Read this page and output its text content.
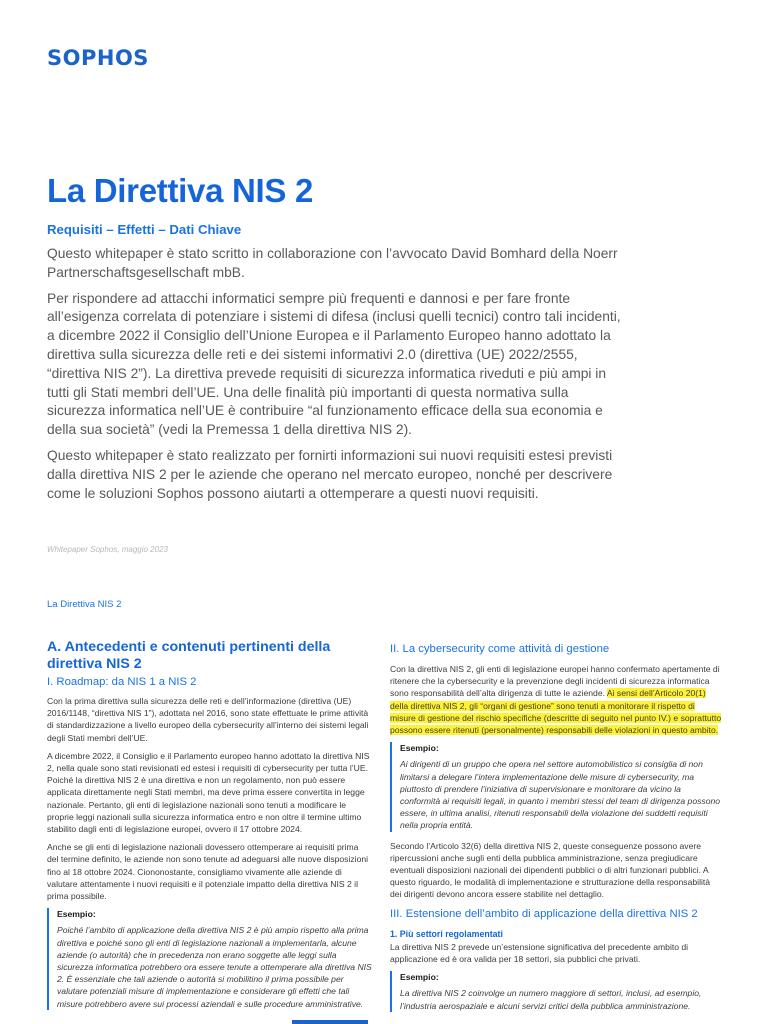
SOPHOS
La Direttiva NIS 2
Requisiti – Effetti – Dati Chiave

Questo whitepaper è stato scritto in collaborazione con l’avvocato David Bomhard della Noerr Partnerschaftsgesellschaft mbB.

Per rispondere ad attacchi informatici sempre più frequenti e dannosi e per fare fronte all’esigenza correlata di potenziare i sistemi di difesa (inclusi quelli tecnici) contro tali incidenti, a dicembre 2022 il Consiglio dell’Unione Europea e il Parlamento Europeo hanno adottato la direttiva sulla sicurezza delle reti e dei sistemi informativi 2.0 (direttiva (UE) 2022/2555, “direttiva NIS 2”). La direttiva prevede requisiti di sicurezza informatica riveduti e più ampi in tutti gli Stati membri dell’UE. Una delle finalità più importanti di questa normativa sulla sicurezza informatica nell’UE è contribuire “al funzionamento efficace della sua economia e della sua società” (vedi la Premessa 1 della direttiva NIS 2).

Questo whitepaper è stato realizzato per fornirti informazioni sui nuovi requisiti estesi previsti dalla direttiva NIS 2 per le aziende che operano nel mercato europeo, nonché per descrivere come le soluzioni Sophos possono aiutarti a ottemperare a questi nuovi requisiti.

Whitepaper Sophos, maggio 2023
La Direttiva NIS 2
A. Antecedenti e contenuti pertinenti della direttiva NIS 2
I. Roadmap: da NIS 1 a NIS 2

Con la prima direttiva sulla sicurezza delle reti e dell’informazione (direttiva (UE) 2016/1148, “direttiva NIS 1”), adottata nel 2016, sono state effettuate le prime attività di standardizzazione a livello europeo della cybersecurity all’interno dei sistemi legali degli Stati membri dell’UE.

A dicembre 2022, il Consiglio e il Parlamento europeo hanno adottato la direttiva NIS 2, nella quale sono stati revisionati ed estesi i requisiti di cybersecurity per tutta l’UE. Poiché la direttiva NIS 2 è una direttiva e non un regolamento, non può essere applicata direttamente negli Stati membri, ma deve prima essere convertita in legge nazionale. Pertanto, gli enti di legislazione nazionali sono tenuti a modificare le proprie leggi nazionali sulla sicurezza informatica entro e non oltre il termine ultimo stabilito dagli enti di legislazione europei, ovvero il 17 ottobre 2024.

Anche se gli enti di legislazione nazionali dovessero ottemperare ai requisiti prima del termine definito, le aziende non sono tenute ad adeguarsi alle nuove disposizioni fino al 18 ottobre 2024. Ciononostante, consigliamo vivamente alle aziende di valutare attentamente i nuovi requisiti e il potenziale impatto della direttiva NIS 2 il prima possibile.

Esempio:
Poiché l’ambito di applicazione della direttiva NIS 2 è più ampio rispetto alla prima direttiva e poiché sono gli enti di legislazione nazionali a implementarla, alcune aziende (o autorità) che in precedenza non erano soggette alle leggi sulla sicurezza informatica potrebbero ora essere tenute a ottemperare alla direttiva NIS 2. È essenziale che tali aziende o autorità si mobilitino il prima possibile per valutare potenziali misure di implementazione e considerare gli effetti che tali misure potrebbero avere sui processi aziendali e sulle procedure amministrative.
II. La cybersecurity come attività di gestione

Con la direttiva NIS 2, gli enti di legislazione europei hanno confermato apertamente di ritenere che la cybersecurity e la prevenzione degli incidenti di sicurezza informatica sono responsabilità dell’alta dirigenza di tutte le aziende. Ai sensi dell’Articolo 20(1) della direttiva NIS 2, gli “organi di gestione” sono tenuti a monitorare il rispetto di misure di gestione del rischio specifiche (descritte di seguito nel punto IV.) e soprattutto possono essere ritenuti (personalmente) responsabili delle violazioni in questo ambito.

Esempio:
Ai dirigenti di un gruppo che opera nel settore automobilistico si consiglia di non limitarsi a delegare l’intera implementazione delle misure di cybersecurity, ma piuttosto di prendere l’iniziativa di supervisionare e monitorare da vicino la conformità ai requisiti legali, in quanto i membri stessi del team di dirigenza possono essere, in ultima analisi, ritenuti responsabili della violazione dei suddetti requisiti nella propria entità.

Secondo l’Articolo 32(6) della direttiva NIS 2, queste conseguenze possono avere ripercussioni anche sugli enti della pubblica amministrazione, senza pregiudicare eventuali disposizioni nazionali dei dipendenti pubblici o di altri funzionari pubblici. A questo riguardo, le modalità di implementazione e strutturazione della responsabilità dei dirigenti devono ancora essere stabilite nel dettaglio.

III. Estensione dell’ambito di applicazione della direttiva NIS 2
1. Più settori regolamentati

La direttiva NIS 2 prevede un’estensione significativa del precedente ambito di applicazione ed è ora valida per 18 settori, sia pubblici che privati.

Esempio:
La direttiva NIS 2 coinvolge un numero maggiore di settori, inclusi, ad esempio, l’industria aerospaziale e alcuni servizi critici della pubblica amministrazione.
